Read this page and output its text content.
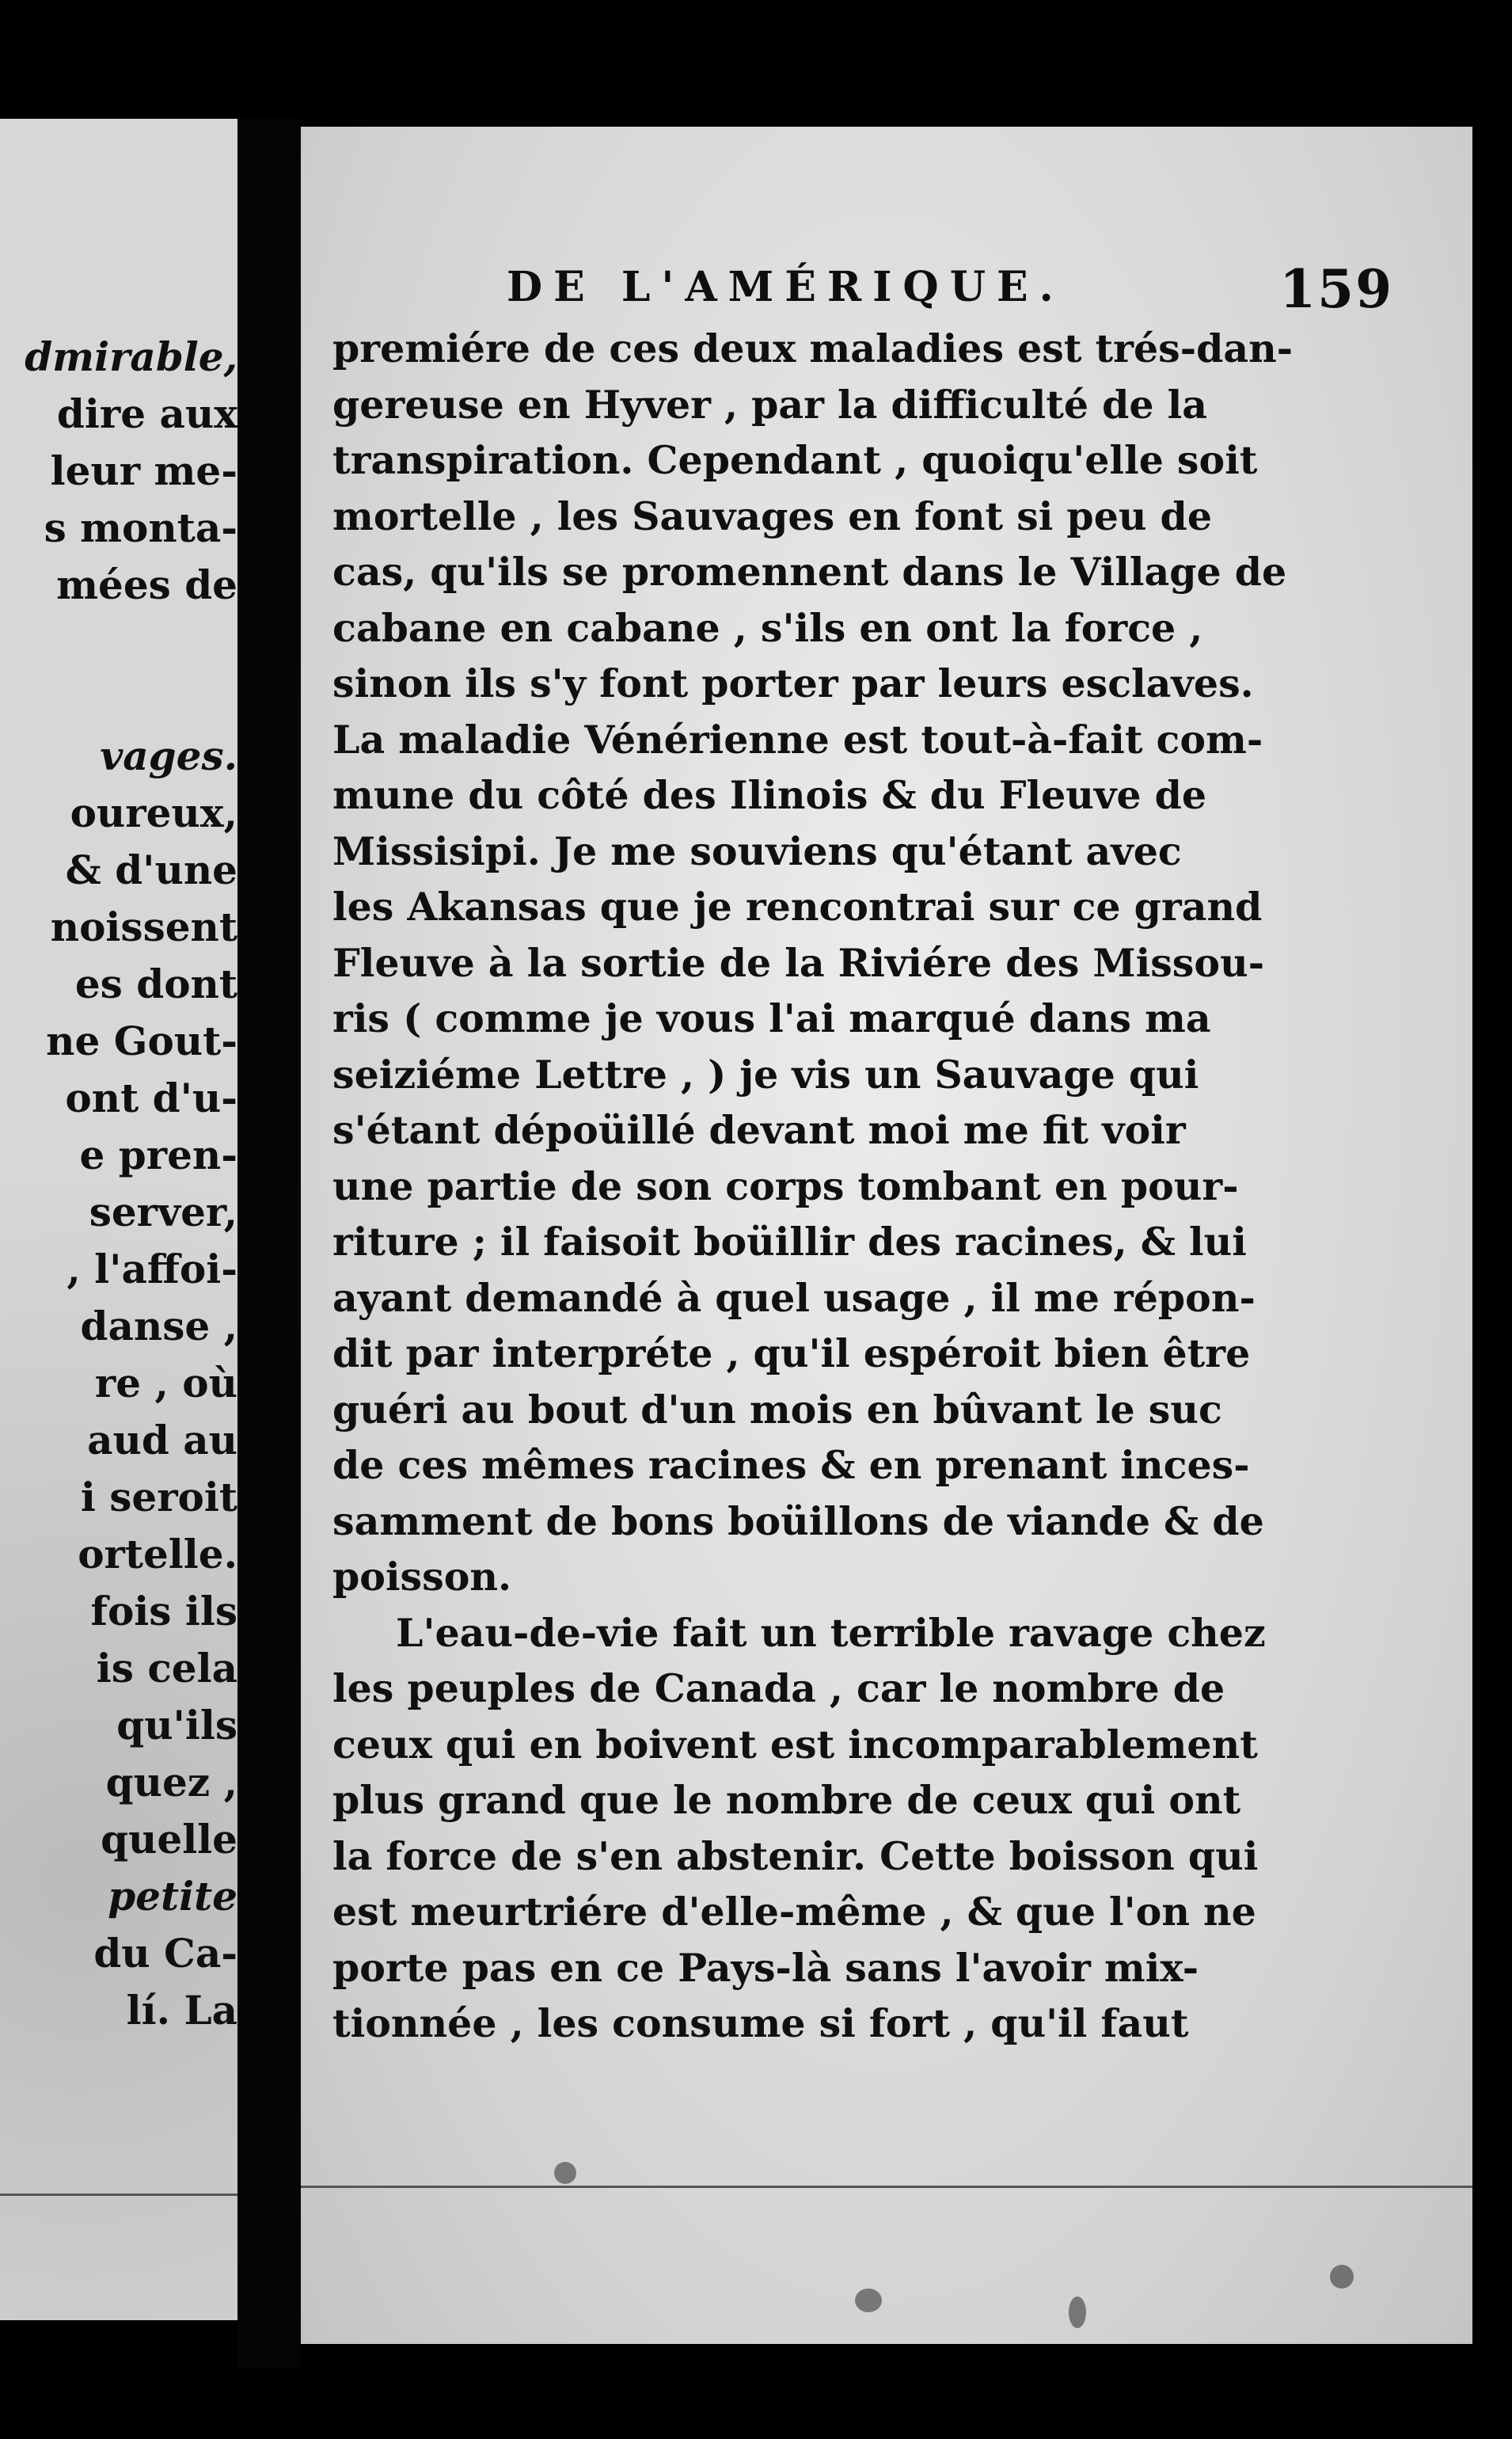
dmirable,
dire aux
leur me-
s monta-
mées de
vages.
oureux,
& d'une
noissent
es dont
ne Gout-
ont d'u-
e pren-
server,
, l'affoi-
danse ,
re , où
aud au
i seroit
ortelle.
fois ils
is cela
qu'ils
quez ,
quelle
petite
du Ca-
lí. La
DE L'AMÉRIQUE.	159
premiére de ces deux maladies est trés-dan-
gereuse en Hyver , par la difficulté de la
transpiration. Cependant , quoiqu'elle soit
mortelle , les Sauvages en font si peu de
cas, qu'ils se promennent dans le Village de
cabane en cabane , s'ils en ont la force ,
sinon ils s'y font porter par leurs esclaves.
La maladie Vénérienne est tout-à-fait com-
mune du côté des Ilinois & du Fleuve de
Missisipi. Je me souviens qu'étant avec
les Akansas que je rencontrai sur ce grand
Fleuve à la sortie de la Riviére des Missou-
ris ( comme je vous l'ai marqué dans ma
seiziéme Lettre , ) je vis un Sauvage qui
s'étant dépoüillé devant moi me fit voir
une partie de son corps tombant en pour-
riture ; il faisoit boüillir des racines, & lui
ayant demandé à quel usage , il me répon-
dit par interpréte , qu'il espéroit bien être
guéri au bout d'un mois en bûvant le suc
de ces mêmes racines & en prenant inces-
samment de bons boüillons de viande & de
poisson.
L'eau-de-vie fait un terrible ravage chez
les peuples de Canada , car le nombre de
ceux qui en boivent est incomparablement
plus grand que le nombre de ceux qui ont
la force de s'en abstenir. Cette boisson qui
est meurtriére d'elle-même , & que l'on ne
porte pas en ce Pays-là sans l'avoir mix-
tionnée , les consume si fort , qu'il faut
